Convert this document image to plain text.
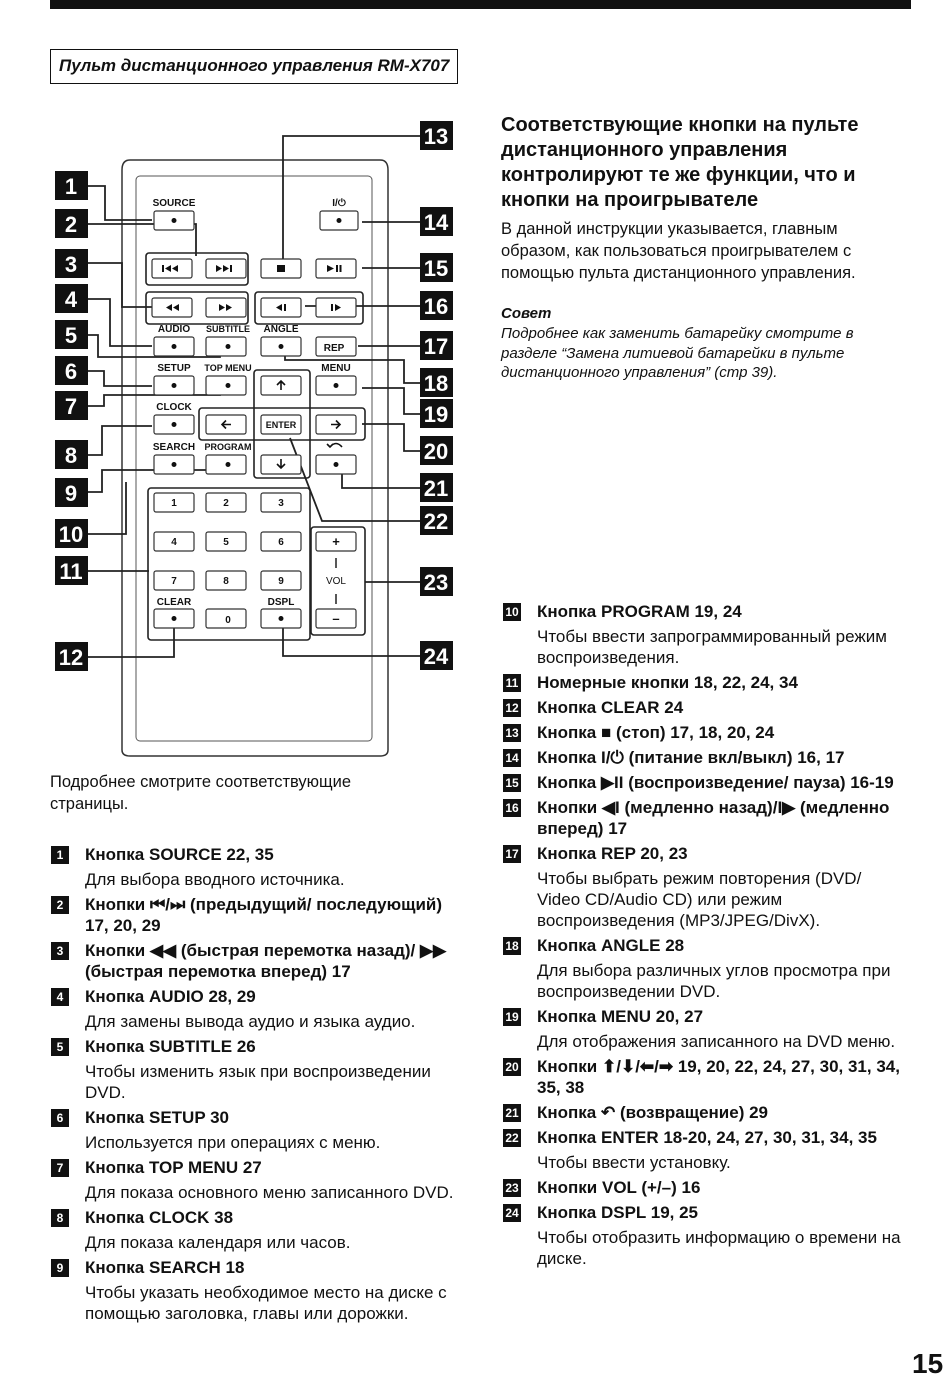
Пульт дистанционного управления RM-X707
SOURCE	I/⏻
AUDIO SUBTITLE ANGLE
REP
SETUP TOP MENU	MENU
CLOCK
ENTER
SEARCH PROGRAM
1	2	3
4	5	6	+
7	8	9	VOL
CLEAR	DSPL
0	–
1
2
3
4
5
6
7
8
9
10
11
12
13
14
15
16
17
18
19
20
21
22
23
24
Соответствующие кнопки на пульте дистанционного управления контролируют те же функции, что и кнопки на проигрывателе
В данной инструкции указывается, главным образом, как пользоваться проигрывателем с помощью пульта дистанционного управления.
Совет
Подробнее как заменить батарейку смотрите в разделе “Замена литиевой батарейки в пульте дистанционного управления” (стр 39).
Подробнее смотрите соответствующие страницы.
1	Кнопка SOURCE 22, 35
Для выбора вводного источника.
2	Кнопки ⏮/⏭ (предыдущий/ последующий) 17, 20, 29
3	Кнопки ◀◀ (быстрая перемотка назад)/ ▶▶ (быстрая перемотка вперед) 17
4	Кнопка AUDIO 28, 29
Для замены вывода аудио и языка аудио.
5	Кнопка SUBTITLE 26
Чтобы изменить язык при воспроизведении DVD.
6	Кнопка SETUP 30
Используется при операциях с меню.
7	Кнопка TOP MENU 27
Для показа основного меню записанного DVD.
8	Кнопка CLOCK 38
Для показа календаря или часов.
9	Кнопка SEARCH 18
Чтобы указать необходимое место на диске с помощью заголовка, главы или дорожки.
10 Кнопка PROGRAM 19, 24
Чтобы ввести запрограммированный режим воспроизведения.
11 Номерные кнопки 18, 22, 24, 34
12 Кнопка CLEAR 24
13 Кнопка ■ (стоп) 17, 18, 20, 24
14 Кнопка I/⏻ (питание вкл/выкл) 16, 17
15 Кнопка ▶II (воспроизведение/ пауза) 16-19
16 Кнопки ◀I (медленно назад)/I▶ (медленно вперед) 17
17 Кнопка REP 20, 23
Чтобы выбрать режим повторения (DVD/ Video CD/Audio CD) или режим воспроизведения (MP3/JPEG/DivX).
18 Кнопка ANGLE 28
Для выбора различных углов просмотра при воспроизведении DVD.
19 Кнопка MENU 20, 27
Для отображения записанного на DVD меню.
20 Кнопки ⬆/⬇/⬅/➡ 19, 20, 22, 24, 27, 30, 31, 34, 35, 38
21 Кнопка ↶ (возвращение) 29
22 Кнопка ENTER 18-20, 24, 27, 30, 31, 34, 35
Чтобы ввести установку.
23 Кнопки VOL (+/–) 16
24 Кнопка DSPL 19, 25
Чтобы отобразить информацию о времени на диске.
15
